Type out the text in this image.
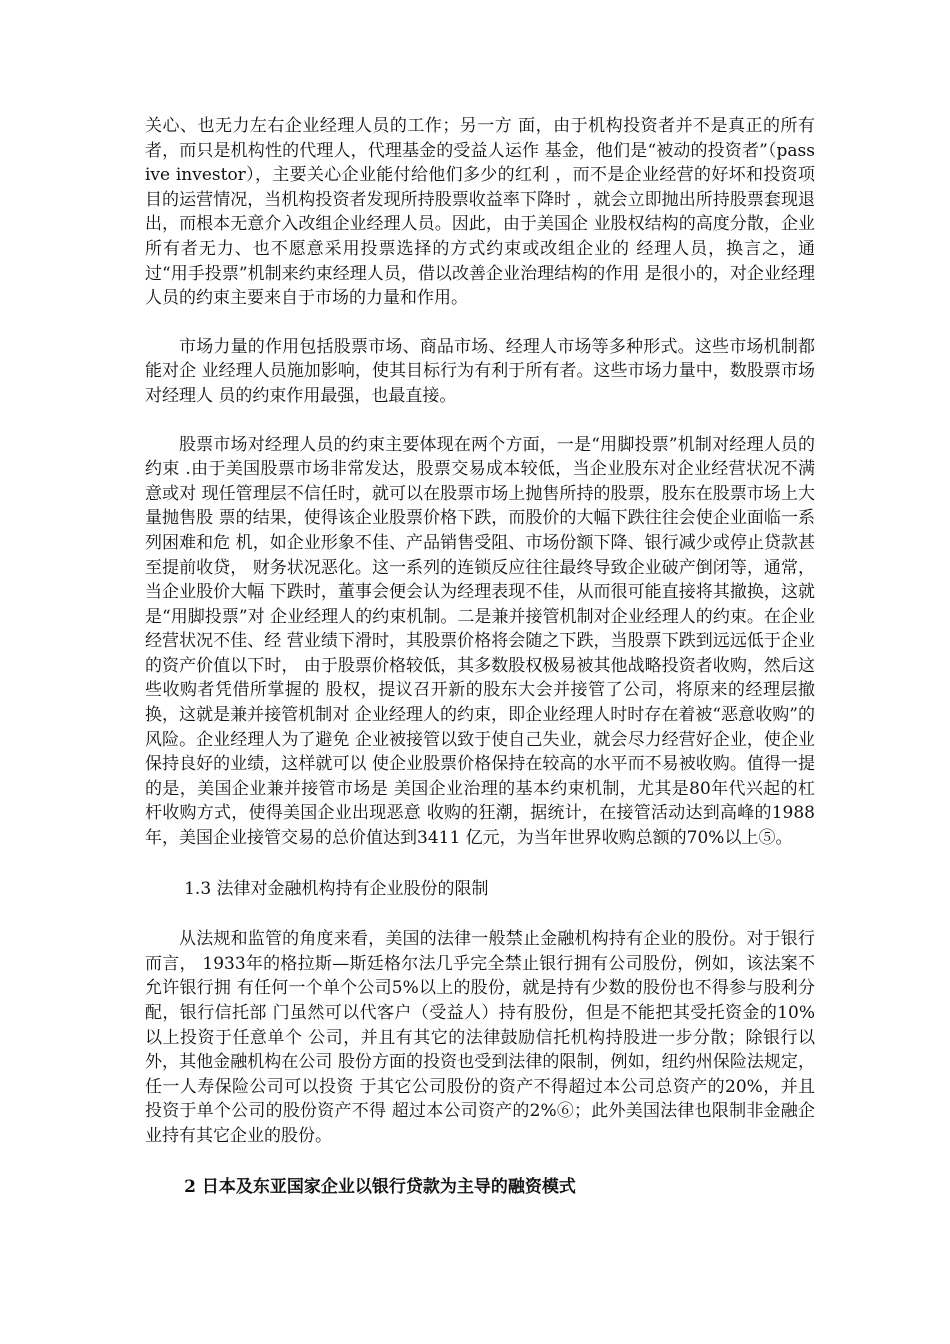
关心、也无力左右企业经理人员的工作；另一方 面，由于机构投资者并不是真正的所有者，而只是机构性的代理人，代理基金的受益人运作 基金，他们是“被动的投资者”（passive investor），主要关心企业能付给他们多少的红利 ，而不是企业经营的好坏和投资项目的运营情况，当机构投资者发现所持股票收益率下降时 ，就会立即抛出所持股票套现退出，而根本无意介入改组企业经理人员。因此，由于美国企 业股权结构的高度分散，企业所有者无力、也不愿意采用投票选择的方式约束或改组企业的 经理人员，换言之，通过“用手投票”机制来约束经理人员，借以改善企业治理结构的作用 是很小的，对企业经理人员的约束主要来自于市场的力量和作用。

市场力量的作用包括股票市场、商品市场、经理人市场等多种形式。这些市场机制都能对企 业经理人员施加影响，使其目标行为有利于所有者。这些市场力量中，数股票市场对经理人 员的约束作用最强，也最直接。

股票市场对经理人员的约束主要体现在两个方面，一是“用脚投票”机制对经理人员的约束 .由于美国股票市场非常发达，股票交易成本较低，当企业股东对企业经营状况不满意或对 现任管理层不信任时，就可以在股票市场上抛售所持的股票，股东在股票市场上大量抛售股 票的结果，使得该企业股票价格下跌，而股价的大幅下跌往往会使企业面临一系列困难和危 机，如企业形象不佳、产品销售受阻、市场份额下降、银行减少或停止贷款甚至提前收贷， 财务状况恶化。这一系列的连锁反应往往最终导致企业破产倒闭等，通常，当企业股价大幅 下跌时，董事会便会认为经理表现不佳，从而很可能直接将其撤换，这就是“用脚投票”对 企业经理人的约束机制。二是兼并接管机制对企业经理人的约束。在企业经营状况不佳、经 营业绩下滑时，其股票价格将会随之下跌，当股票下跌到远远低于企业的资产价值以下时， 由于股票价格较低，其多数股权极易被其他战略投资者收购，然后这些收购者凭借所掌握的 股权，提议召开新的股东大会并接管了公司，将原来的经理层撤换，这就是兼并接管机制对 企业经理人的约束，即企业经理人时时存在着被“恶意收购”的风险。企业经理人为了避免 企业被接管以致于使自己失业，就会尽力经营好企业，使企业保持良好的业绩，这样就可以 使企业股票价格保持在较高的水平而不易被收购。值得一提的是，美国企业兼并接管市场是 美国企业治理的基本约束机制，尤其是80年代兴起的杠杆收购方式，使得美国企业出现恶意 收购的狂潮，据统计，在接管活动达到高峰的1988年，美国企业接管交易的总价值达到3411 亿元，为当年世界收购总额的70%以上⑤。

1.3 法律对金融机构持有企业股份的限制

从法规和监管的角度来看，美国的法律一般禁止金融机构持有企业的股份。对于银行而言， 1933年的格拉斯—斯廷格尔法几乎完全禁止银行拥有公司股份，例如，该法案不允许银行拥 有任何一个单个公司5%以上的股份，就是持有少数的股份也不得参与股利分配，银行信托部 门虽然可以代客户（受益人）持有股份，但是不能把其受托资金的10%以上投资于任意单个 公司，并且有其它的法律鼓励信托机构持股进一步分散；除银行以外，其他金融机构在公司 股份方面的投资也受到法律的限制，例如，纽约州保险法规定，任一人寿保险公司可以投资 于其它公司股份的资产不得超过本公司总资产的20%，并且投资于单个公司的股份资产不得 超过本公司资产的2%⑥；此外美国法律也限制非金融企业持有其它企业的股份。

2 日本及东亚国家企业以银行贷款为主导的融资模式
